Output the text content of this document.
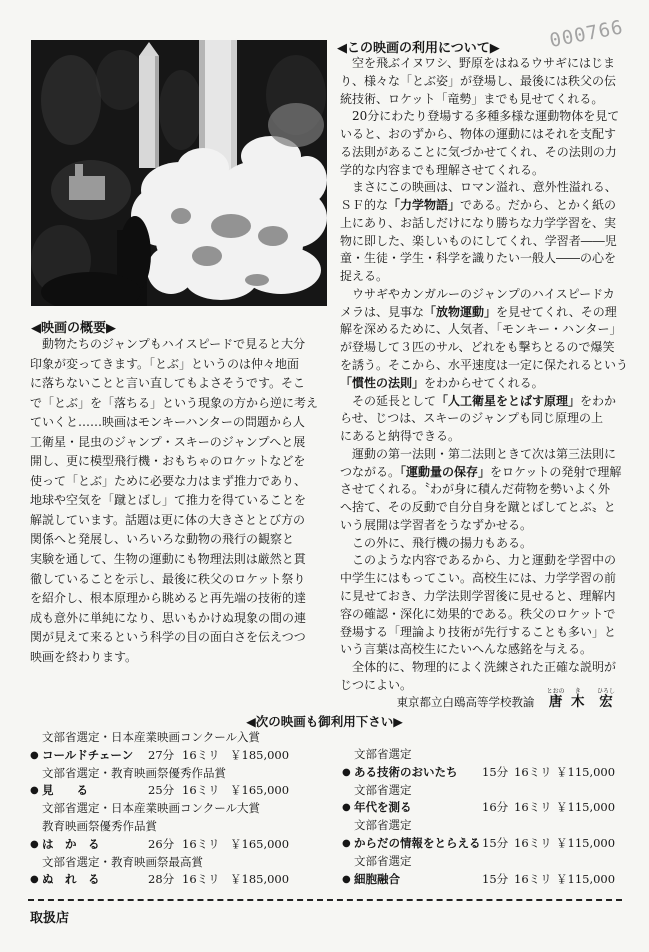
000766
◀この映画の利用について▶
　空を飛ぶイヌワシ、野原をはねるウサギにはじま
り、様々な「とぶ姿」が登場し、最後には秩父の伝
統技術、ロケット「竜勢」までも見せてくれる。
　20分にわたり登場する多種多様な運動物体を見て
いると、おのずから、物体の運動にはそれを支配す
る法則があることに気づかせてくれ、その法則の力
学的な内容までも理解させてくれる。
　まさにこの映画は、ロマン溢れ、意外性溢れる、
ＳＦ的な「力学物語」である。だから、とかく紙の
上にあり、お話しだけになり勝ちな力学学習を、実
物に即した、楽しいものにしてくれ、学習者――児
童・生徒・学生・科学を識りたい一般人――の心を
捉える。
　ウサギやカンガルーのジャンプのハイスピードカ
メラは、見事な「放物運動」を見せてくれ、その理
解を深めるために、人気者、「モンキー・ハンター」
が登場して３匹のサル、どれをも撃ちとるので爆笑
を誘う。そこから、水平速度は一定に保たれるという
「慣性の法則」をわからせてくれる。
　その延長として「人工衛星をとばす原理」をわか
らせ、じつは、スキーのジャンプも同じ原理の上
にあると納得できる。
　運動の第一法則・第二法則ときて次は第三法則に
つながる。「運動量の保存」をロケットの発射で理解
させてくれる。〝わが身に積んだ荷物を勢いよく外
へ捨て、その反動で自分自身を蹴とばしてとぶ〟と
いう展開は学習者をうなずかせる。
　この外に、飛行機の揚力もある。
　このような内容であるから、力と運動を学習中の
中学生にはもってこい。高校生には、力学学習の前
に見せておき、力学法則学習後に見せると、理解内
容の確認・深化に効果的である。秩父のロケットで
登場する「理論より技術が先行することも多い」と
いう言葉は高校生にたいへんな感銘を与える。
　全体的に、物理的によく洗練された正確な説明が
じつによい。
◀映画の概要▶
　動物たちのジャンプもハイスピードで見ると大分
印象が変ってきます。「とぶ」というのは仲々地面
に落ちないことと言い直してもよさそうです。そこ
で「とぶ」を「落ちる」という現象の方から逆に考え
ていくと……映画はモンキーハンターの問題から人
工衛星・昆虫のジャンプ・スキーのジャンプへと展
開し、更に模型飛行機・おもちゃのロケットなどを
使って「とぶ」ために必要な力はまず推力であり、
地球や空気を「蹴とばし」て推力を得ていることを
解説しています。話題は更に体の大きさととび方の
関係へと発展し、いろいろな動物の飛行の観察と
実験を通して、生物の運動にも物理法則は厳然と貫
徹していることを示し、最後に秩父のロケット祭り
を紹介し、根本原理から眺めると再先端の技術的達
成も意外に単純になり、思いもかけぬ現象の間の連
関が見えて来るという科学の目の面白さを伝えつつ
映画を終わります。
東京都立白鴎高等学校教諭 唐とおの 木き 宏ひろし
◀次の映画も御利用下さい▶
文部省選定・日本産業映画コンクール入賞
● コールドチェーン	27分 16ミリ ￥185,000
文部省選定・教育映画祭優秀作品賞
● 見　　る	25分 16ミリ ￥165,000
文部省選定・日本産業映画コンクール大賞
教育映画祭優秀作品賞
● は　か　る	26分 16ミリ ￥165,000
文部省選定・教育映画祭最高賞
● ぬ　れ　る	28分 16ミリ ￥185,000
文部省選定
● ある技術のおいたち	15分 16ミリ ￥115,000
文部省選定
● 年代を測る	16分 16ミリ ￥115,000
文部省選定
● からだの情報をとらえる 15分 16ミリ ￥115,000
文部省選定
● 細胞融合	15分 16ミリ ￥115,000
取扱店
